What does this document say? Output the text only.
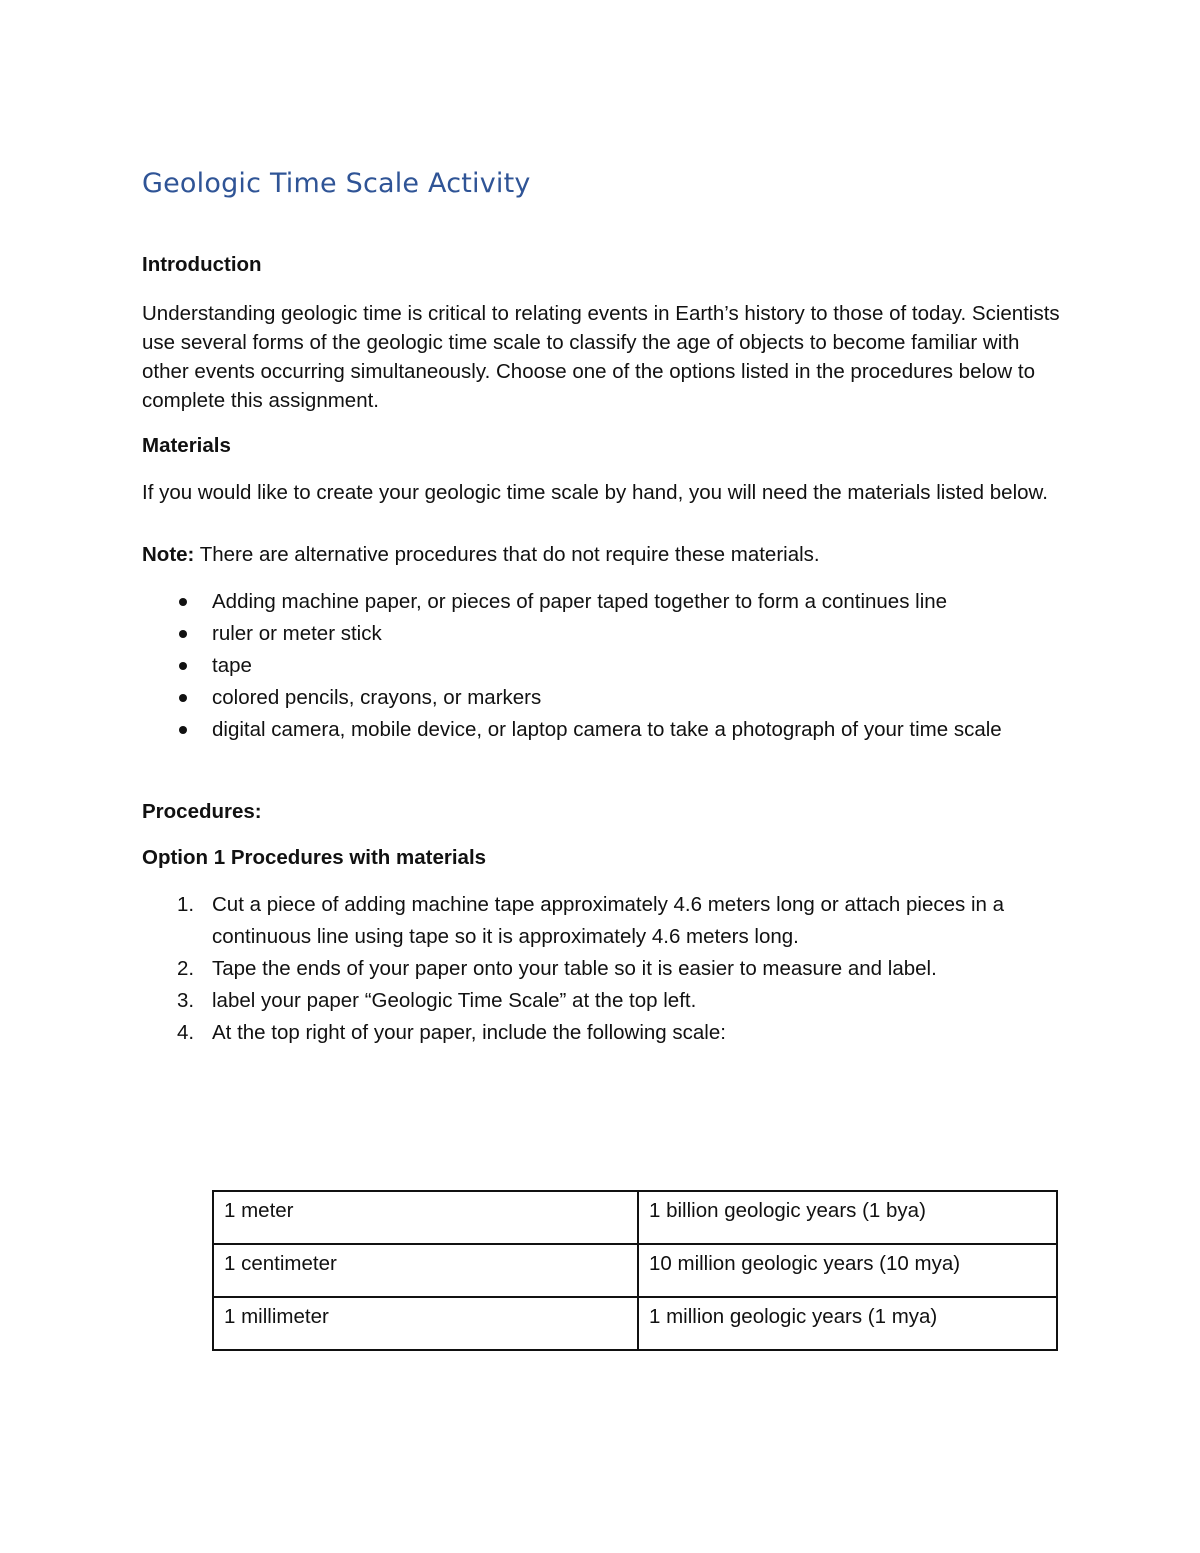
Geologic Time Scale Activity
Introduction

Understanding geologic time is critical to relating events in Earth’s history to those of today. Scientists use several forms of the geologic time scale to classify the age of objects to become familiar with other events occurring simultaneously. Choose one of the options listed in the procedures below to complete this assignment.

Materials

If you would like to create your geologic time scale by hand, you will need the materials listed below.

Note: There are alternative procedures that do not require these materials.

Adding machine paper, or pieces of paper taped together to form a continues line
ruler or meter stick
tape
colored pencils, crayons, or markers
digital camera, mobile device, or laptop camera to take a photograph of your time scale
Procedures:
Option 1 Procedures with materials
1. Cut a piece of adding machine tape approximately 4.6 meters long or attach pieces in a continuous line using tape so it is approximately 4.6 meters long.
2. Tape the ends of your paper onto your table so it is easier to measure and label.
3. label your paper “Geologic Time Scale” at the top left.
4. At the top right of your paper, include the following scale:
1 meter	1 billion geologic years (1 bya)
1 centimeter	10 million geologic years (10 mya)
1 millimeter	1 million geologic years (1 mya)
